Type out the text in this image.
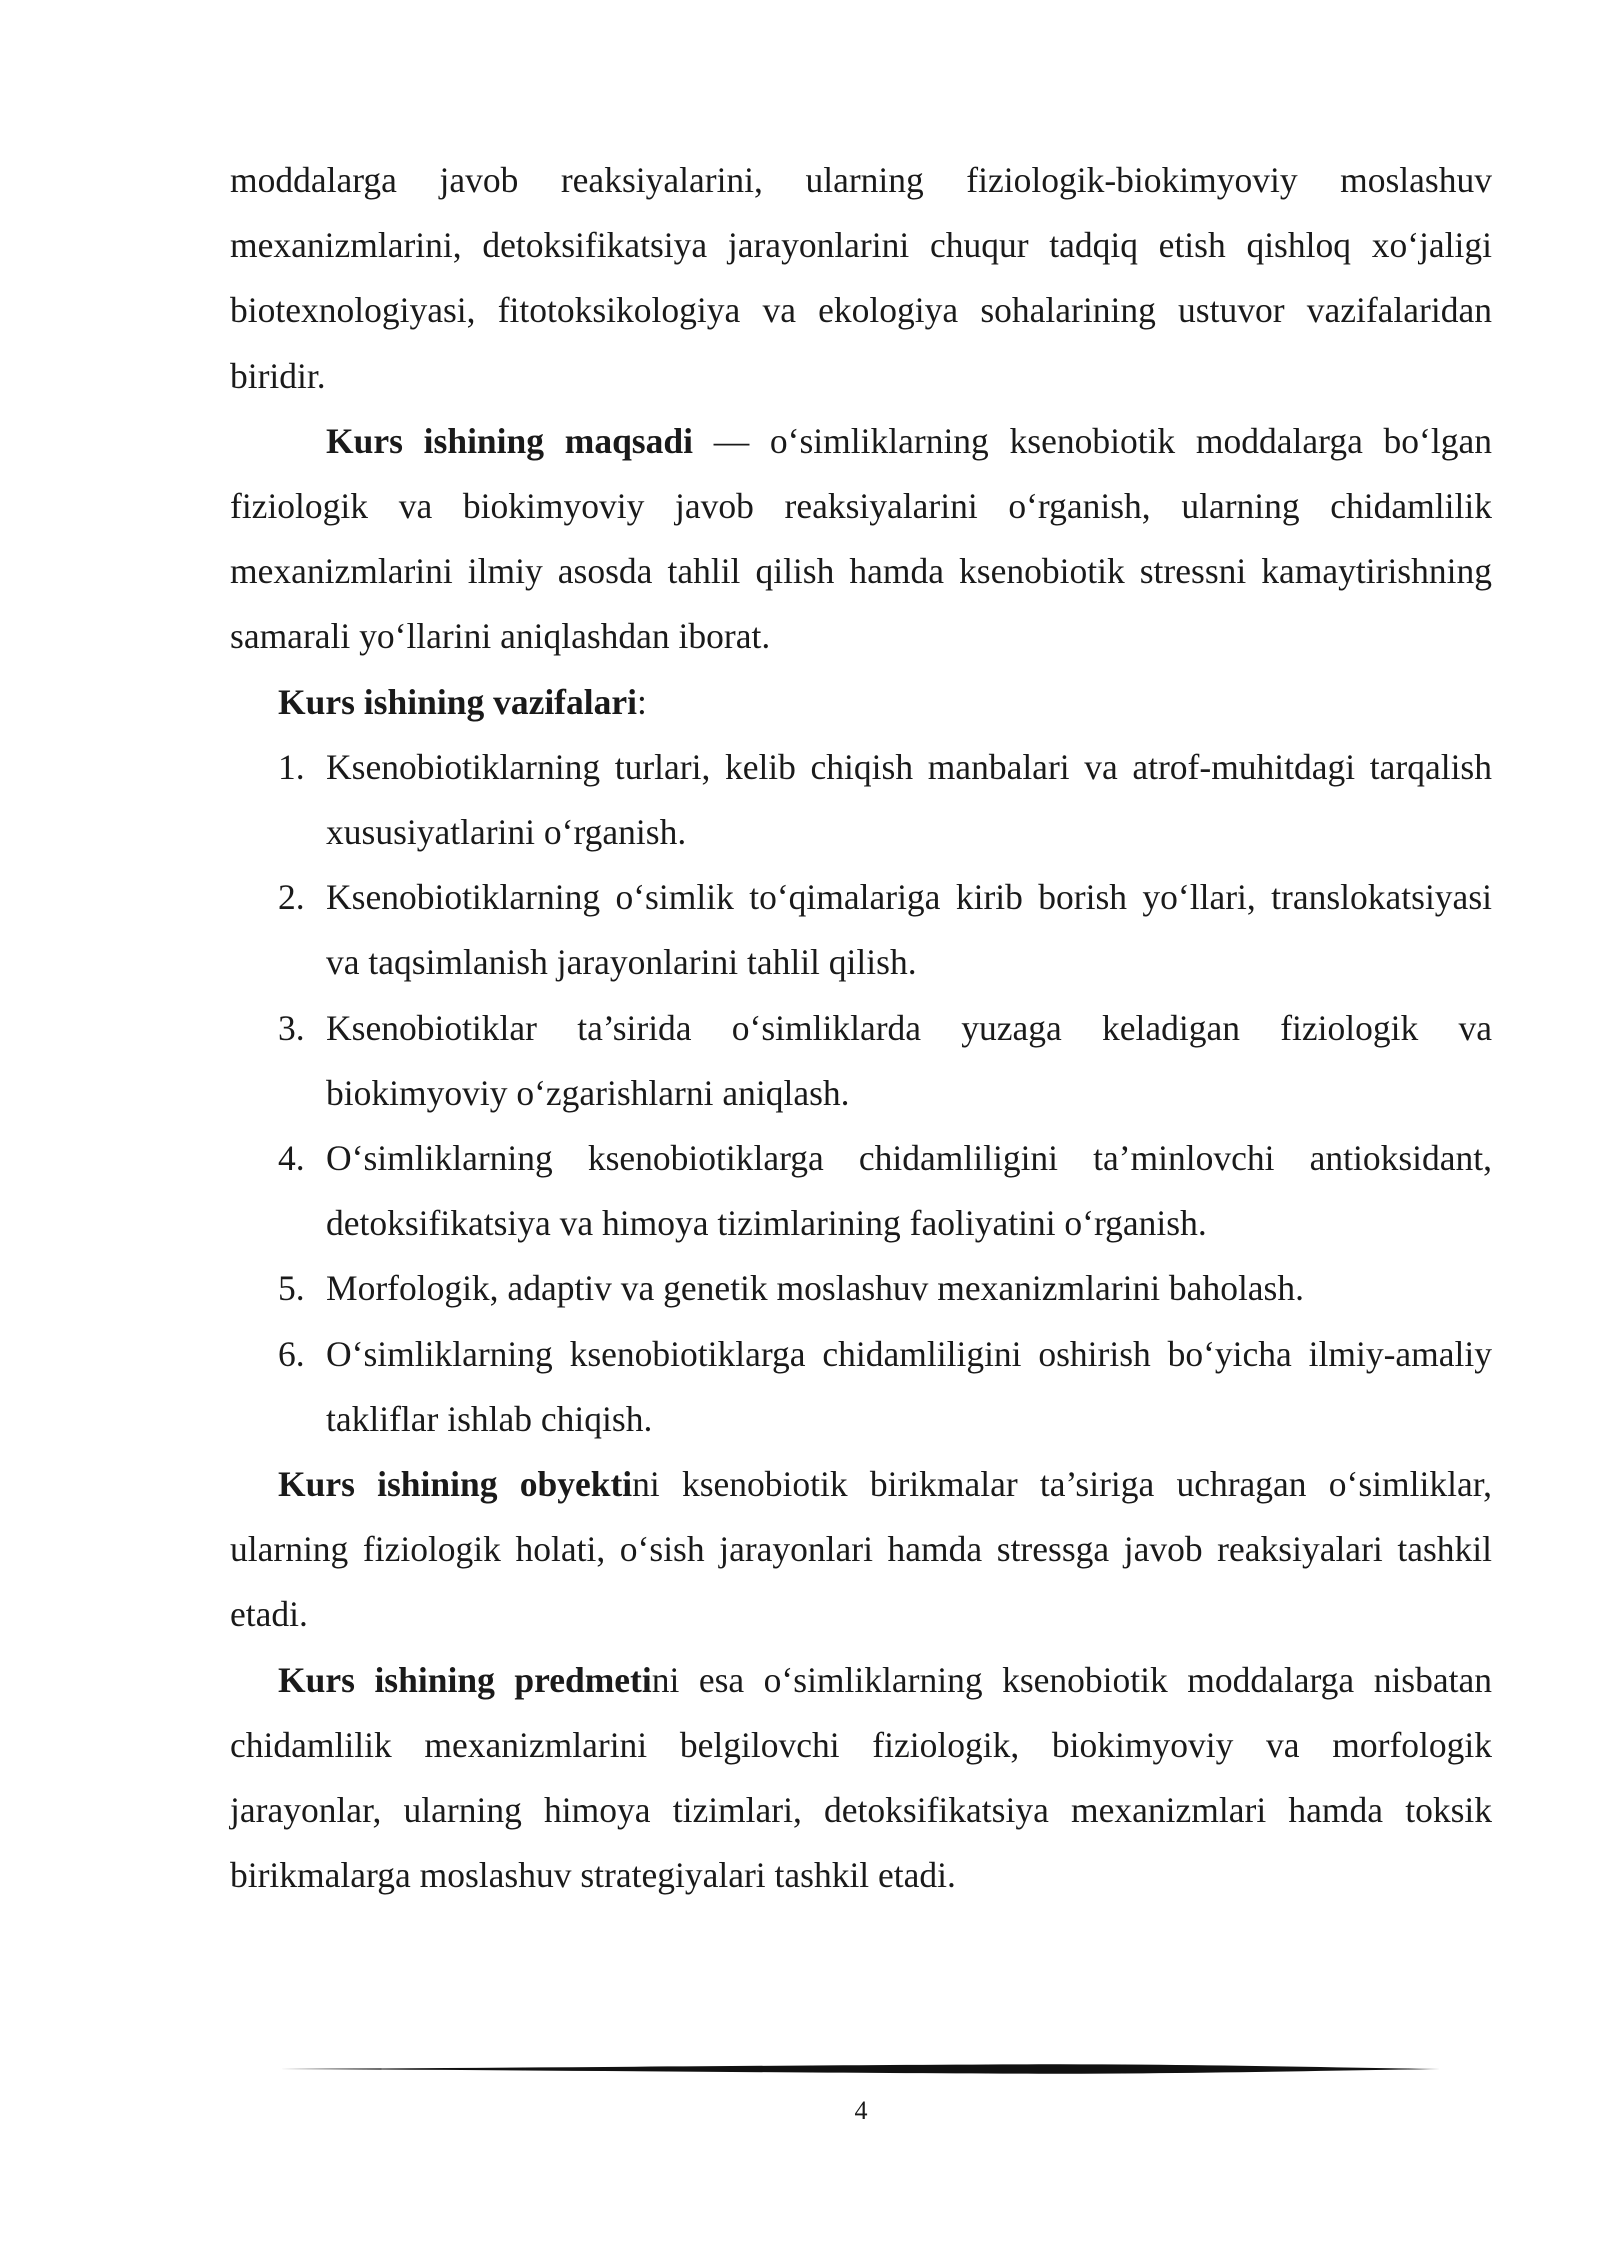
moddalarga javob reaksiyalarini, ularning fiziologik-biokimyoviy moslashuv mexanizmlarini, detoksifikatsiya jarayonlarini chuqur tadqiq etish qishloq xo‘jaligi biotexnologiyasi, fitotoksikologiya va ekologiya sohalarining ustuvor vazifalaridan biridir.

Kurs ishining maqsadi — o‘simliklarning ksenobiotik moddalarga bo‘lgan fiziologik va biokimyoviy javob reaksiyalarini o‘rganish, ularning chidamlilik mexanizmlarini ilmiy asosda tahlil qilish hamda ksenobiotik stressni kamaytirishning samarali yo‘llarini aniqlashdan iborat.

Kurs ishining vazifalari:

1. Ksenobiotiklarning turlari, kelib chiqish manbalari va atrof-muhitdagi tarqalish xususiyatlarini o‘rganish.
2. Ksenobiotiklarning o‘simlik to‘qimalariga kirib borish yo‘llari, translokatsiyasi va taqsimlanish jarayonlarini tahlil qilish.
3. Ksenobiotiklar ta’sirida o‘simliklarda yuzaga keladigan fiziologik va biokimyoviy o‘zgarishlarni aniqlash.
4. O‘simliklarning ksenobiotiklarga chidamliligini ta’minlovchi antioksidant, detoksifikatsiya va himoya tizimlarining faoliyatini o‘rganish.
5. Morfologik, adaptiv va genetik moslashuv mexanizmlarini baholash.
6. O‘simliklarning ksenobiotiklarga chidamliligini oshirish bo‘yicha ilmiy-amaliy takliflar ishlab chiqish.

Kurs ishining obyektini ksenobiotik birikmalar ta’siriga uchragan o‘simliklar, ularning fiziologik holati, o‘sish jarayonlari hamda stressga javob reaksiyalari tashkil etadi.

Kurs ishining predmetini esa o‘simliklarning ksenobiotik moddalarga nisbatan chidamlilik mexanizmlarini belgilovchi fiziologik, biokimyoviy va morfologik jarayonlar, ularning himoya tizimlari, detoksifikatsiya mexanizmlari hamda toksik birikmalarga moslashuv strategiyalari tashkil etadi.

4
